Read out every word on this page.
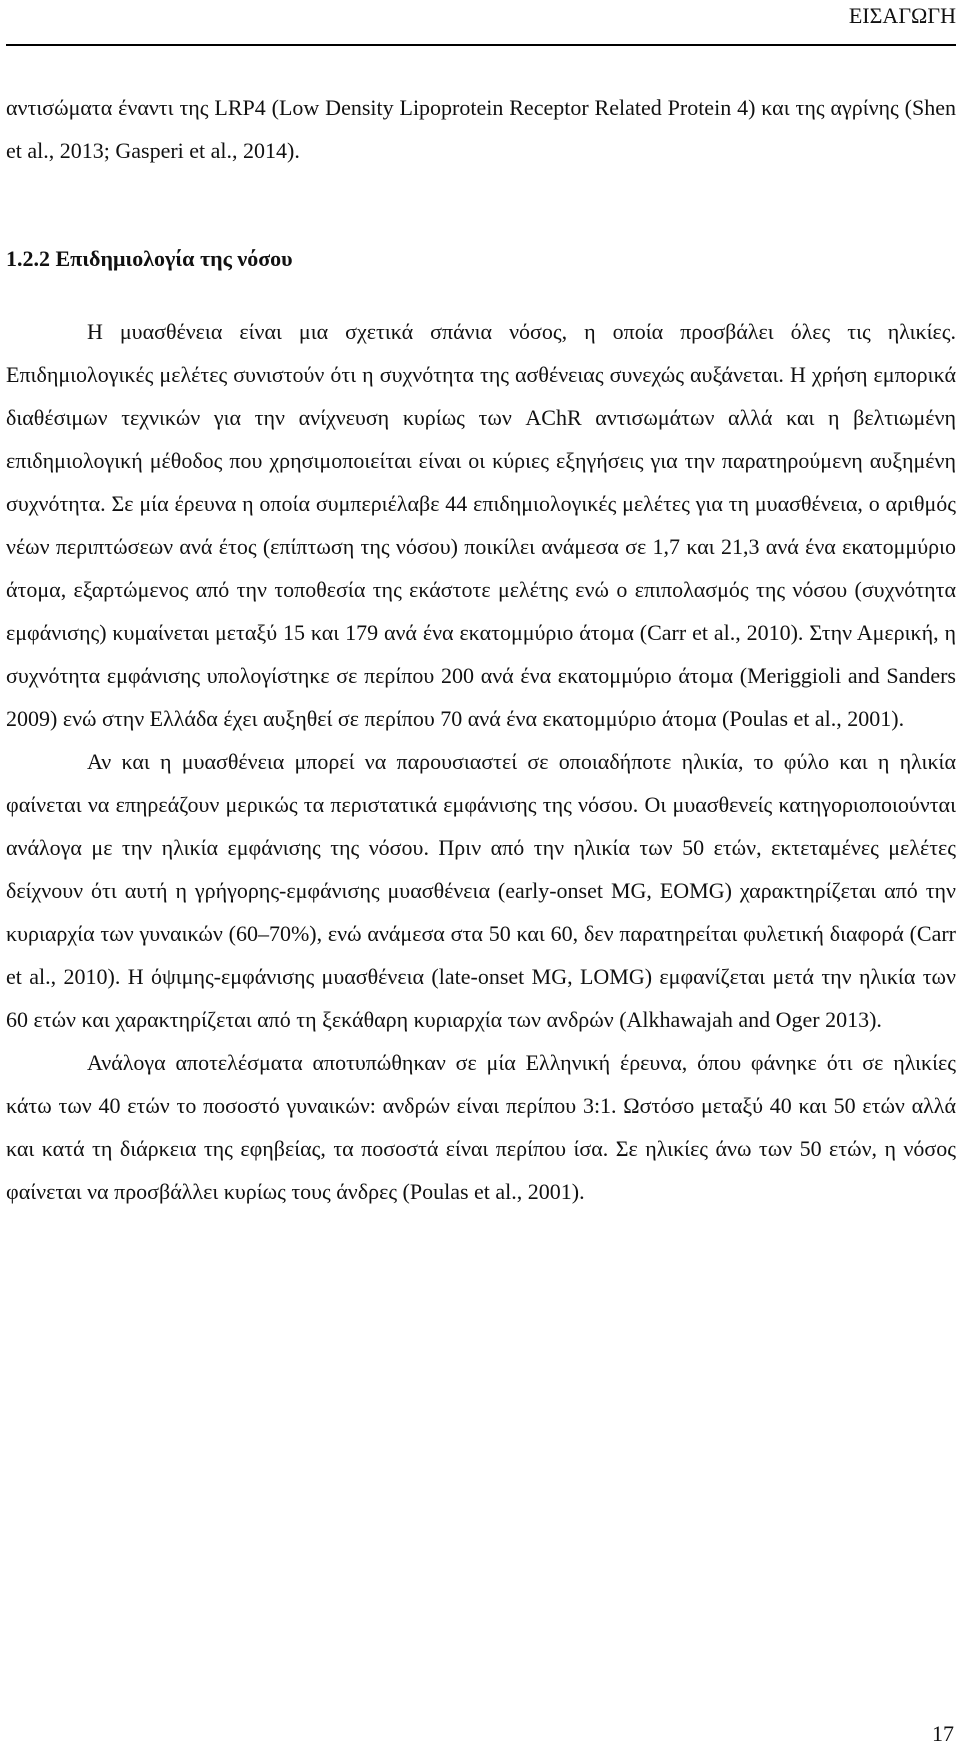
ΕΙΣΑΓΩΓΗ

αντισώματα έναντι της LRP4 (Low Density Lipoprotein Receptor Related Protein 4) και της αγρίνης (Shen et al., 2013; Gasperi et al., 2014).

1.2.2 Επιδημιολογία της νόσου

Η μυασθένεια είναι μια σχετικά σπάνια νόσος, η οποία προσβάλει όλες τις ηλικίες. Επιδημιολογικές μελέτες συνιστούν ότι η συχνότητα της ασθένειας συνεχώς αυξάνεται. Η χρήση εμπορικά διαθέσιμων τεχνικών για την ανίχνευση κυρίως των AChR αντισωμάτων αλλά και η βελτιωμένη επιδημιολογική μέθοδος που χρησιμοποιείται είναι οι κύριες εξηγήσεις για την παρατηρούμενη αυξημένη συχνότητα. Σε μία έρευνα η οποία συμπεριέλαβε 44 επιδημιολογικές μελέτες για τη μυασθένεια, ο αριθμός νέων περιπτώσεων ανά έτος (επίπτωση της νόσου) ποικίλει ανάμεσα σε 1,7 και 21,3 ανά ένα εκατομμύριο άτομα, εξαρτώμενος από την τοποθεσία της εκάστοτε μελέτης ενώ ο επιπολασμός της νόσου (συχνότητα εμφάνισης) κυμαίνεται μεταξύ 15 και 179 ανά ένα εκατομμύριο άτομα (Carr et al., 2010). Στην Αμερική, η συχνότητα εμφάνισης υπολογίστηκε σε περίπου 200 ανά ένα εκατομμύριο άτομα (Meriggioli and Sanders 2009) ενώ στην Ελλάδα έχει αυξηθεί σε περίπου 70 ανά ένα εκατομμύριο άτομα (Poulas et al., 2001).

Αν και η μυασθένεια μπορεί να παρουσιαστεί σε οποιαδήποτε ηλικία, το φύλο και η ηλικία φαίνεται να επηρεάζουν μερικώς τα περιστατικά εμφάνισης της νόσου. Οι μυασθενείς κατηγοριοποιούνται ανάλογα με την ηλικία εμφάνισης της νόσου. Πριν από την ηλικία των 50 ετών, εκτεταμένες μελέτες δείχνουν ότι αυτή η γρήγορης-εμφάνισης μυασθένεια (early-onset MG, EOMG) χαρακτηρίζεται από την κυριαρχία των γυναικών (60–70%), ενώ ανάμεσα στα 50 και 60, δεν παρατηρείται φυλετική διαφορά (Carr et al., 2010). Η όψιμης-εμφάνισης μυασθένεια (late-onset MG, LOMG) εμφανίζεται μετά την ηλικία των 60 ετών και χαρακτηρίζεται από τη ξεκάθαρη κυριαρχία των ανδρών (Alkhawajah and Oger 2013).

Ανάλογα αποτελέσματα αποτυπώθηκαν σε μία Ελληνική έρευνα, όπου φάνηκε ότι σε ηλικίες κάτω των 40 ετών το ποσοστό γυναικών: ανδρών είναι περίπου 3:1. Ωστόσο μεταξύ 40 και 50 ετών αλλά και κατά τη διάρκεια της εφηβείας, τα ποσοστά είναι περίπου ίσα. Σε ηλικίες άνω των 50 ετών, η νόσος φαίνεται να προσβάλλει κυρίως τους άνδρες (Poulas et al., 2001).

17
